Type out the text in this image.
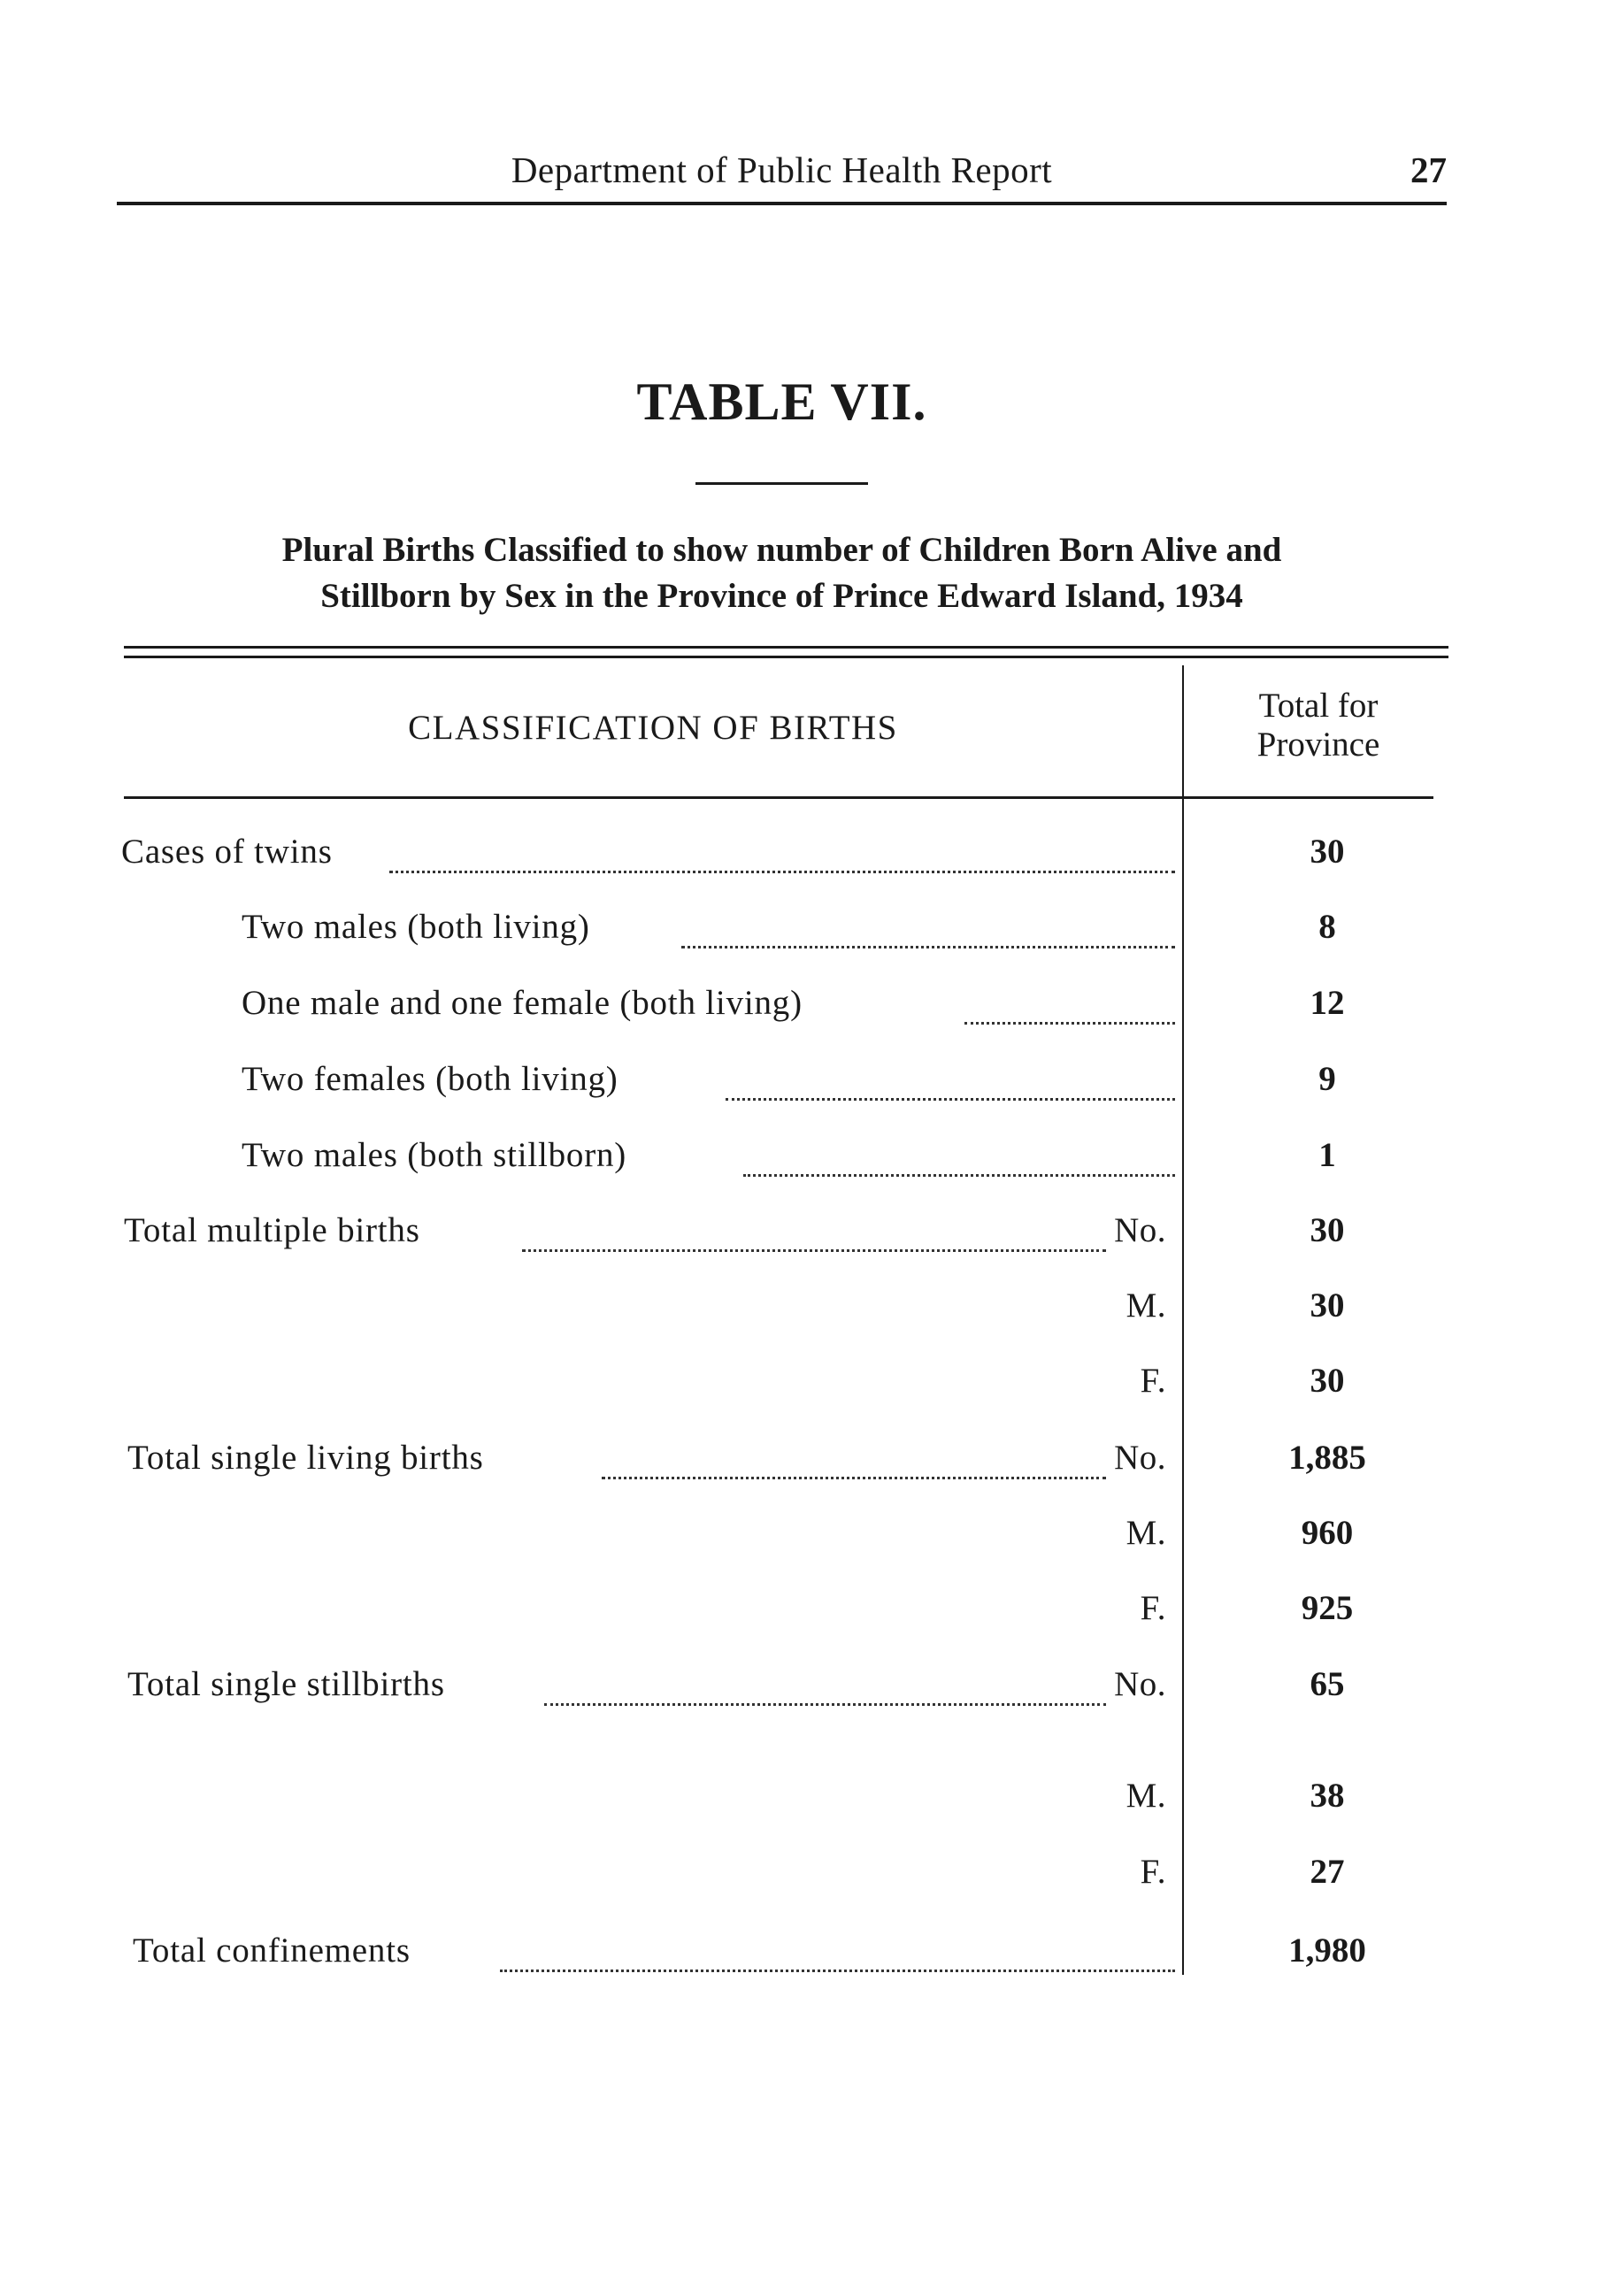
Department of Public Health Report	27
TABLE VII.
Plural Births Classified to show number of Children Born Alive and
Stillborn by Sex in the Province of Prince Edward Island, 1934
CLASSIFICATION OF BIRTHS
Total for
Province
Cases of twins	30
Two males (both living)	8
One male and one female (both living)	12
Two females (both living)	9
Two males (both stillborn)	1
Total multiple births	No.	30
M.	30
F.	30
Total single living births	No.	1,885
M.	960
F.	925
Total single stillbirths	No.	65
M.	38
F.	27
Total confinements	1,980
